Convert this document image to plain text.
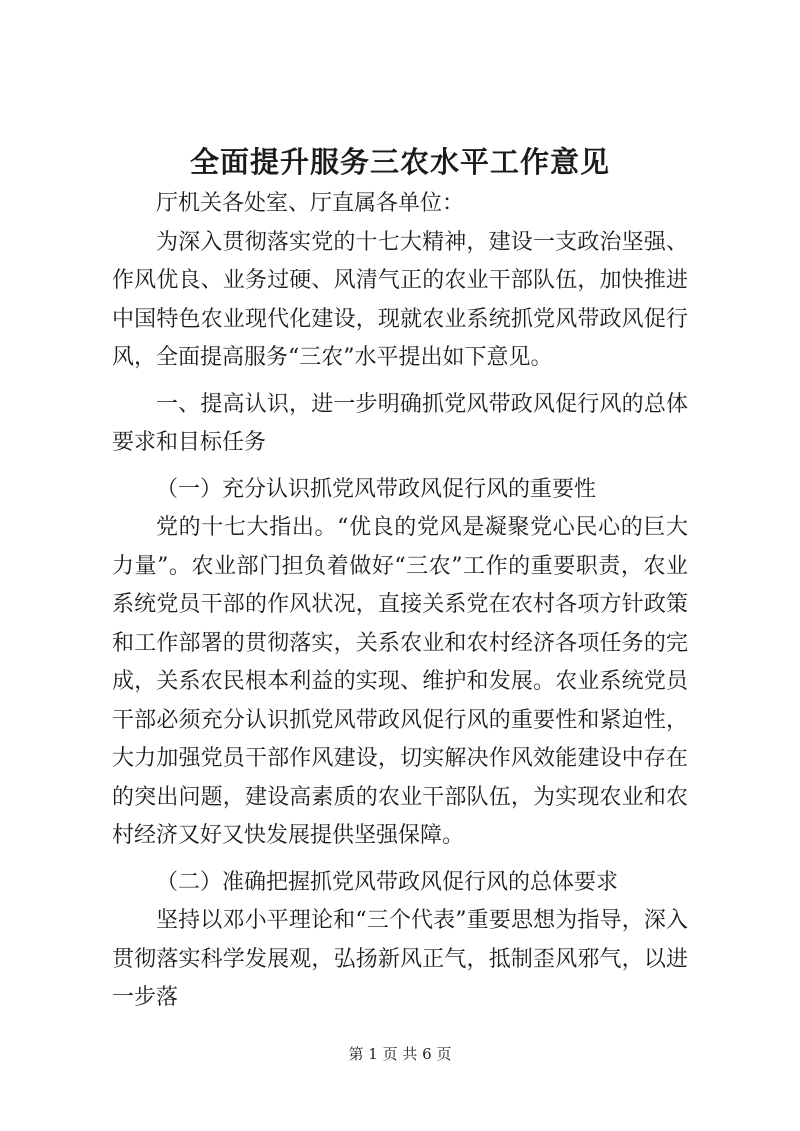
全面提升服务三农水平工作意见

厅机关各处室、厅直属各单位：

为深入贯彻落实党的十七大精神，建设一支政治坚强、作风优良、业务过硬、风清气正的农业干部队伍，加快推进中国特色农业现代化建设，现就农业系统抓党风带政风促行风，全面提高服务“三农”水平提出如下意见。

一、提高认识，进一步明确抓党风带政风促行风的总体要求和目标任务

（一）充分认识抓党风带政风促行风的重要性

党的十七大指出。“优良的党风是凝聚党心民心的巨大力量”。农业部门担负着做好“三农”工作的重要职责，农业系统党员干部的作风状况，直接关系党在农村各项方针政策和工作部署的贯彻落实，关系农业和农村经济各项任务的完成，关系农民根本利益的实现、维护和发展。农业系统党员干部必须充分认识抓党风带政风促行风的重要性和紧迫性，大力加强党员干部作风建设，切实解决作风效能建设中存在的突出问题，建设高素质的农业干部队伍，为实现农业和农村经济又好又快发展提供坚强保障。

（二）准确把握抓党风带政风促行风的总体要求

坚持以邓小平理论和“三个代表”重要思想为指导，深入贯彻落实科学发展观，弘扬新风正气，抵制歪风邪气，以进一步落

第 1 页 共 6 页
